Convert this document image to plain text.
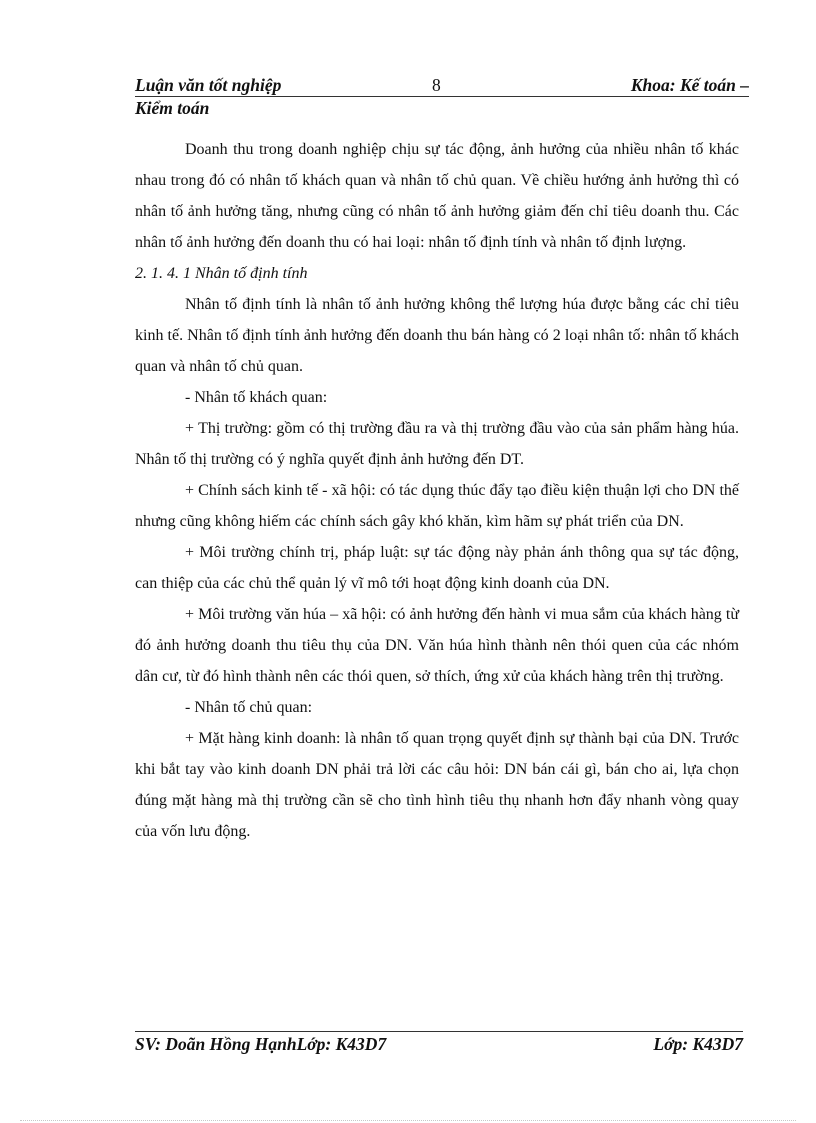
Luận văn tốt nghiệp	8	Khoa: Kế toán –
Kiểm toán

Doanh thu trong doanh nghiệp chịu sự tác động, ảnh hưởng của nhiều nhân tố khác nhau trong đó có nhân tố khách quan và nhân tố chủ quan. Về chiều hướng ảnh hưởng thì có nhân tố ảnh hưởng tăng, nhưng cũng có nhân tố ảnh hưởng giảm đến chỉ tiêu doanh thu. Các nhân tố ảnh hưởng đến doanh thu có hai loại: nhân tố định tính và nhân tố định lượng.

2. 1. 4. 1 Nhân tố định tính

Nhân tố định tính là nhân tố ảnh hưởng không thể lượng húa được bằng các chỉ tiêu kinh tế. Nhân tố định tính ảnh hưởng đến doanh thu bán hàng có 2 loại nhân tố: nhân tố khách quan và nhân tố chủ quan.

- Nhân tố khách quan:

+ Thị trường: gồm có thị trường đầu ra và thị trường đầu vào của sản phẩm hàng húa. Nhân tố thị trường có ý nghĩa quyết định ảnh hưởng đến DT.

+ Chính sách kinh tế - xã hội: có tác dụng thúc đẩy tạo điều kiện thuận lợi cho DN thế nhưng cũng không hiếm các chính sách gây khó khăn, kìm hãm sự phát triển của DN.

+ Môi trường chính trị, pháp luật: sự tác động này phản ánh thông qua sự tác động, can thiệp của các chủ thể quản lý vĩ mô tới hoạt động kinh doanh của DN.

+ Môi trường văn húa – xã hội: có ảnh hưởng đến hành vi mua sắm của khách hàng từ đó ảnh hưởng doanh thu tiêu thụ của DN. Văn húa hình thành nên thói quen của các nhóm dân cư, từ đó hình thành nên các thói quen, sở thích, ứng xử của khách hàng trên thị trường.

- Nhân tố chủ quan:

+ Mặt hàng kinh doanh: là nhân tố quan trọng quyết định sự thành bại của DN. Trước khi bắt tay vào kinh doanh DN phải trả lời các câu hỏi: DN bán cái gì, bán cho ai, lựa chọn đúng mặt hàng mà thị trường cần sẽ cho tình hình tiêu thụ nhanh hơn đẩy nhanh vòng quay của vốn lưu động.

SV: Doãn Hồng HạnhLớp: K43D7	Lớp: K43D7
